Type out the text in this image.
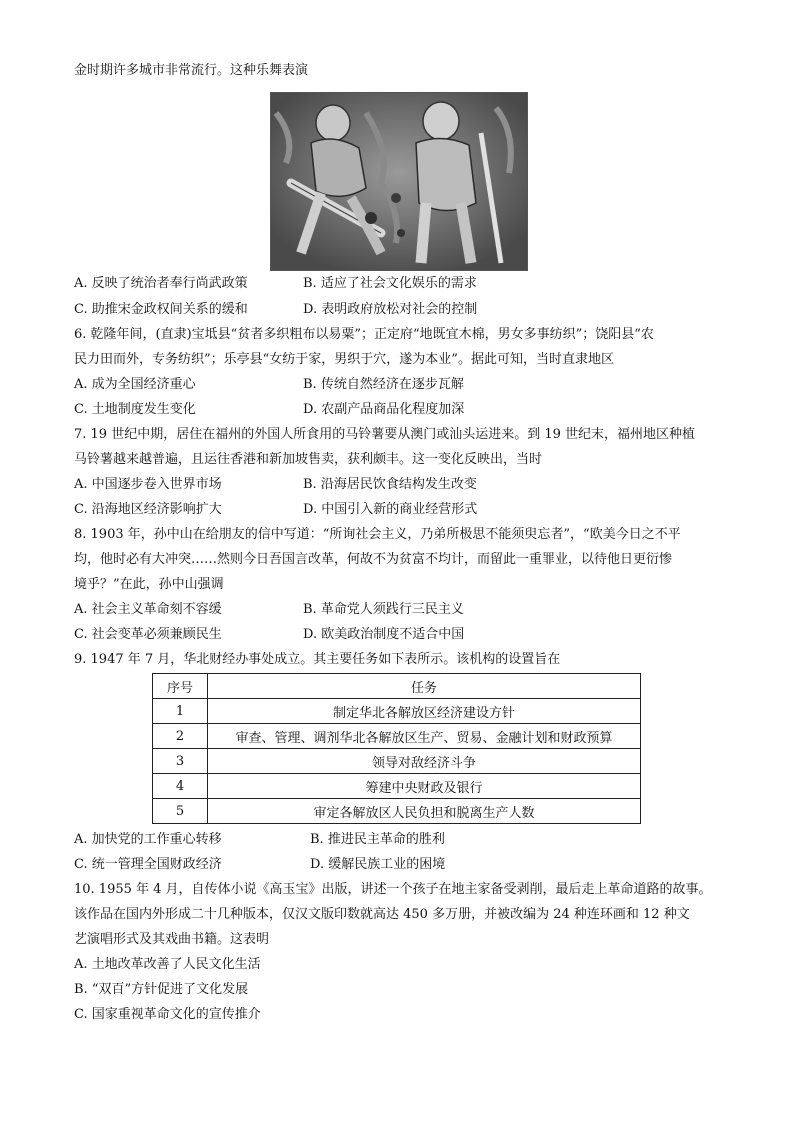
金时期许多城市非常流行。这种乐舞表演
A. 反映了统治者奉行尚武政策	B. 适应了社会文化娱乐的需求
C. 助推宋金政权间关系的缓和	D. 表明政府放松对社会的控制
6. 乾隆年间，(直隶)宝坻县“贫者多织粗布以易粟”；正定府“地既宜木棉，男女多事纺织”；饶阳县“农
民力田而外，专务纺织”；乐亭县“女纺于家，男织于穴，遂为本业”。据此可知，当时直隶地区
A. 成为全国经济重心	B. 传统自然经济在逐步瓦解
C. 土地制度发生变化	D. 农副产品商品化程度加深
7. 19 世纪中期，居住在福州的外国人所食用的马铃薯要从澳门或汕头运进来。到 19 世纪末，福州地区种植
马铃薯越来越普遍，且运往香港和新加坡售卖，获利颇丰。这一变化反映出，当时
A. 中国逐步卷入世界市场	B. 沿海居民饮食结构发生改变
C. 沿海地区经济影响扩大	D. 中国引入新的商业经营形式
8. 1903 年，孙中山在给朋友的信中写道：“所询社会主义，乃弟所极思不能须臾忘者”，“欧美今日之不平
均，他时必有大冲突……然则今日吾国言改革，何故不为贫富不均计，而留此一重罪业，以待他日更衍惨
境乎？”在此，孙中山强调
A. 社会主义革命刻不容缓	B. 革命党人须践行三民主义
C. 社会变革必须兼顾民生	D. 欧美政治制度不适合中国
9. 1947 年 7 月，华北财经办事处成立。其主要任务如下表所示。该机构的设置旨在
序号	任务
1	制定华北各解放区经济建设方针
2	审查、管理、调剂华北各解放区生产、贸易、金融计划和财政预算
3	领导对敌经济斗争
4	筹建中央财政及银行
5	审定各解放区人民负担和脱离生产人数
A. 加快党的工作重心转移	B. 推进民主革命的胜利
C. 统一管理全国财政经济	D. 缓解民族工业的困境
10. 1955 年 4 月，自传体小说《高玉宝》出版，讲述一个孩子在地主家备受剥削，最后走上革命道路的故事。
该作品在国内外形成二十几种版本，仅汉文版印数就高达 450 多万册，并被改编为 24 种连环画和 12 种文
艺演唱形式及其戏曲书籍。这表明
A. 土地改革改善了人民文化生活
B. “双百”方针促进了文化发展
C. 国家重视革命文化的宣传推介
